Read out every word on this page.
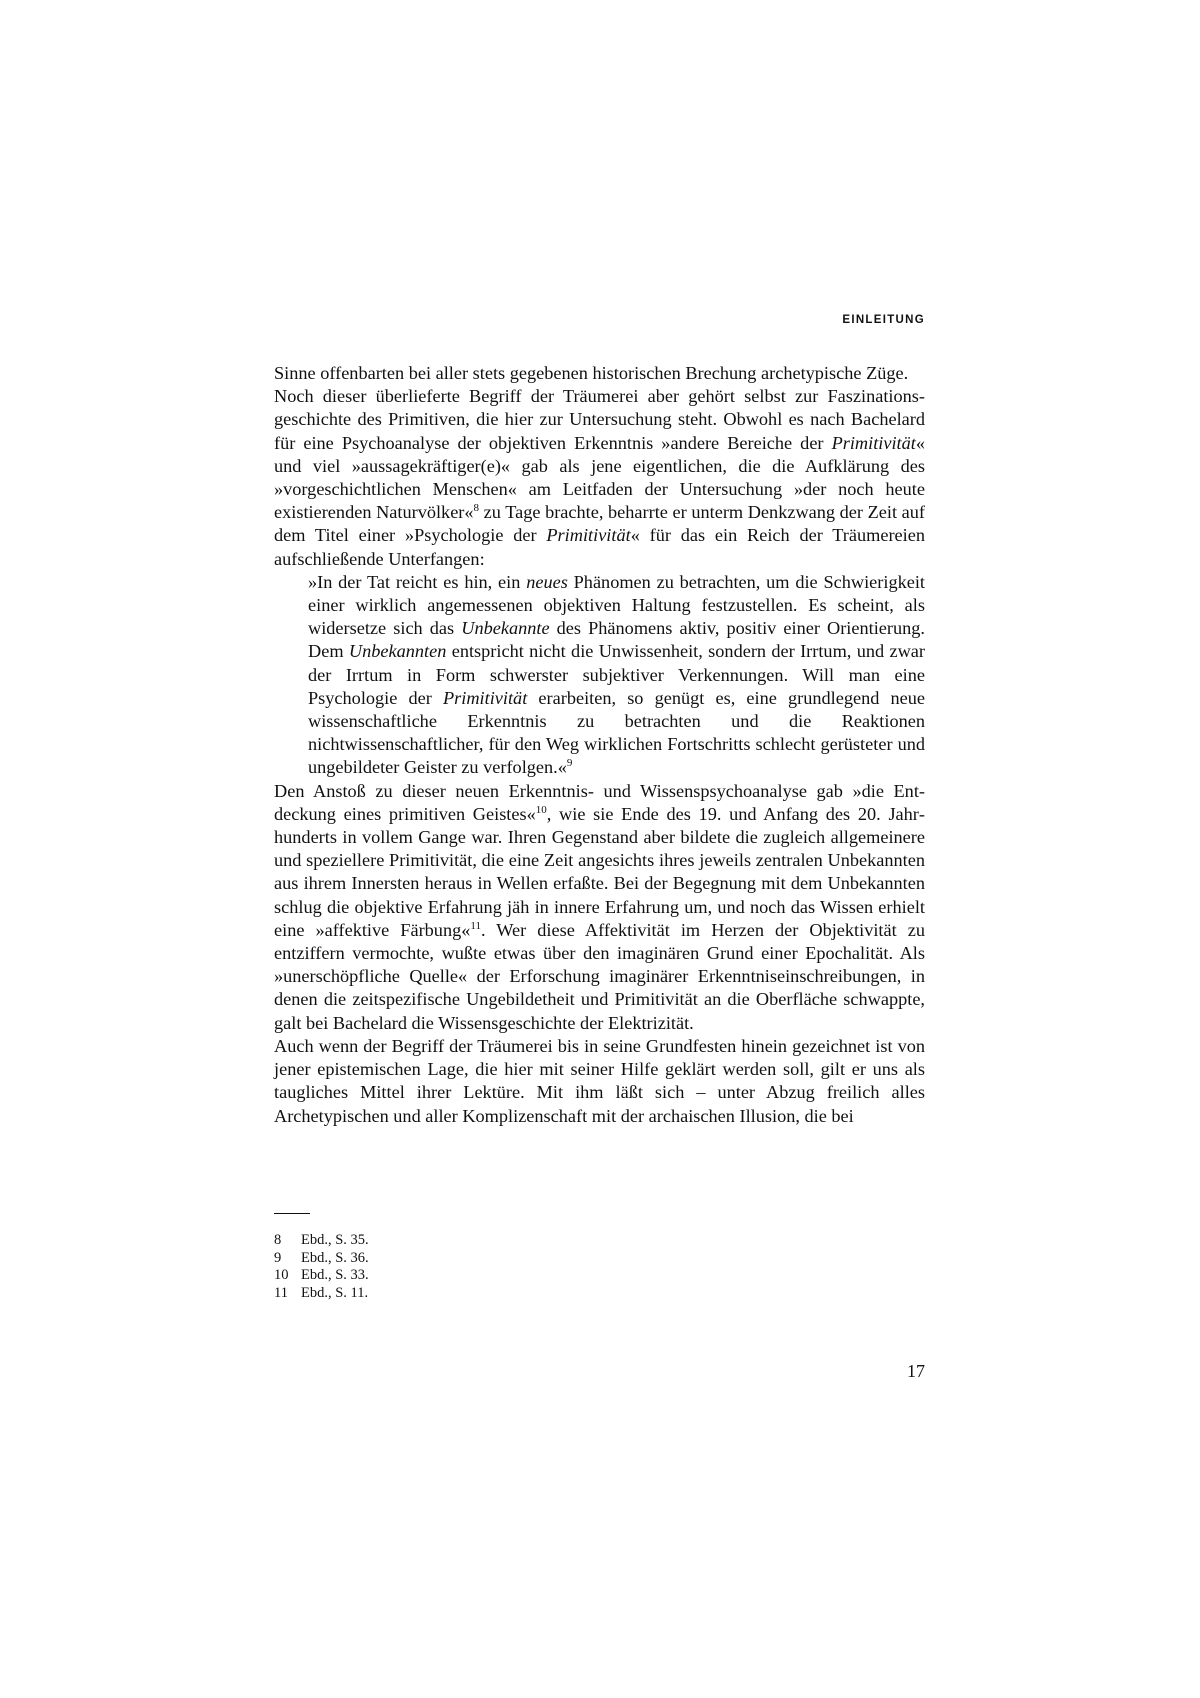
EINLEITUNG

Sinne offenbarten bei aller stets gegebenen historischen Brechung archetypische Züge.

Noch dieser überlieferte Begriff der Träumerei aber gehört selbst zur Faszinationsgeschichte des Primitiven, die hier zur Untersuchung steht. Obwohl es nach Bachelard für eine Psychoanalyse der objektiven Erkenntnis »andere Bereiche der Primitivität« und viel »aussagekräftiger(e)« gab als jene eigentlichen, die die Aufklärung des »vorgeschichtlichen Menschen« am Leitfaden der Untersuchung »der noch heute existierenden Naturvölker«$^8$ zu Tage brachte, beharrte er unterm Denkzwang der Zeit auf dem Titel einer »Psychologie der Primitivität« für das ein Reich der Träumereien aufschließende Unterfangen:

»In der Tat reicht es hin, ein neues Phänomen zu betrachten, um die Schwierigkeit einer wirklich angemessenen objektiven Haltung festzustellen. Es scheint, als widersetze sich das Unbekannte des Phänomens aktiv, positiv einer Orientierung. Dem Unbekannten entspricht nicht die Unwissenheit, sondern der Irrtum, und zwar der Irrtum in Form schwerster subjektiver Verkennungen. Will man eine Psychologie der Primitivität erarbeiten, so genügt es, eine grundlegend neue wissenschaftliche Erkenntnis zu betrachten und die Reaktionen nichtwissenschaftlicher, für den Weg wirklichen Fortschritts schlecht gerüsteter und ungebildeter Geister zu verfolgen.«$^9$

Den Anstoß zu dieser neuen Erkenntnis- und Wissenspsychoanalyse gab »die Entdeckung eines primitiven Geistes«$^{10}$, wie sie Ende des 19. und Anfang des 20. Jahrhunderts in vollem Gange war. Ihren Gegenstand aber bildete die zugleich allgemeinere und speziellere Primitivität, die eine Zeit angesichts ihres jeweils zentralen Unbekannten aus ihrem Innersten heraus in Wellen erfaßte. Bei der Begegnung mit dem Unbekannten schlug die objektive Erfahrung jäh in innere Erfahrung um, und noch das Wissen erhielt eine »affektive Färbung«$^{11}$. Wer diese Affektivität im Herzen der Objektivität zu entziffern vermochte, wußte etwas über den imaginären Grund einer Epochalität. Als »unerschöpfliche Quelle« der Erforschung imaginärer Erkenntniseinschreibungen, in denen die zeitspezifische Ungebildetheit und Primitivität an die Oberfläche schwappte, galt bei Bachelard die Wissensgeschichte der Elektrizität.

Auch wenn der Begriff der Träumerei bis in seine Grundfesten hinein gezeichnet ist von jener epistemischen Lage, die hier mit seiner Hilfe geklärt werden soll, gilt er uns als taugliches Mittel ihrer Lektüre. Mit ihm läßt sich – unter Abzug freilich alles Archetypischen und aller Komplizenschaft mit der archaischen Illusion, die bei

8	Ebd., S. 35.
9	Ebd., S. 36.
10 Ebd., S. 33.
11 Ebd., S. 11.
17
